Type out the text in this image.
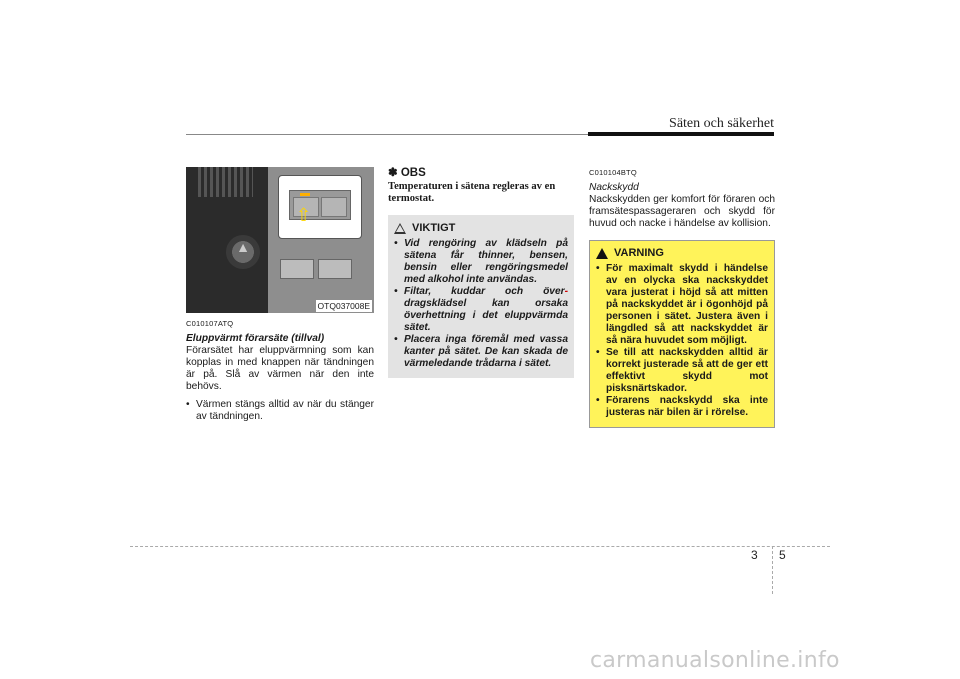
Säten och säkerhet
▲
⇧
OTQ037008E
C010107ATQ
Eluppvärmt förarsäte (tillval)

Förarsätet har eluppvärmning som kan kopplas in med knappen när tändningen är på. Slå av värmen när den inte behövs.

• Värmen stängs alltid av när du stänger av tändningen.
✽ OBS
Temperaturen i sätena regleras av en termostat.
VIKTIGT
• Vid rengöring av klädseln på sätena får thinner, bensen, bensin eller rengöringsmedel med alkohol inte användas.
• Filtar, kuddar och över-dragsklädsel kan orsaka överhettning i det eluppvärmda sätet.
• Placera inga föremål med vassa kanter på sätet. De kan skada de värmeledande trådarna i sätet.
C010104BTQ
Nackskydd

Nackskydden ger komfort för föraren och framsätespassageraren och skydd för huvud och nacke i händelse av kollision.

VARNING
• För maximalt skydd i händelse av en olycka ska nackskyddet vara justerat i höjd så att mitten på nackskyddet är i ögonhöjd på personen i sätet. Justera även i längdled så att nackskyddet är så nära huvudet som möjligt.
• Se till att nackskydden alltid är korrekt justerade så att de ger ett effektivt skydd mot pisksnärtskador.
• Förarens nackskydd ska inte justeras när bilen är i rörelse.
3 5
carmanualsonline.info
